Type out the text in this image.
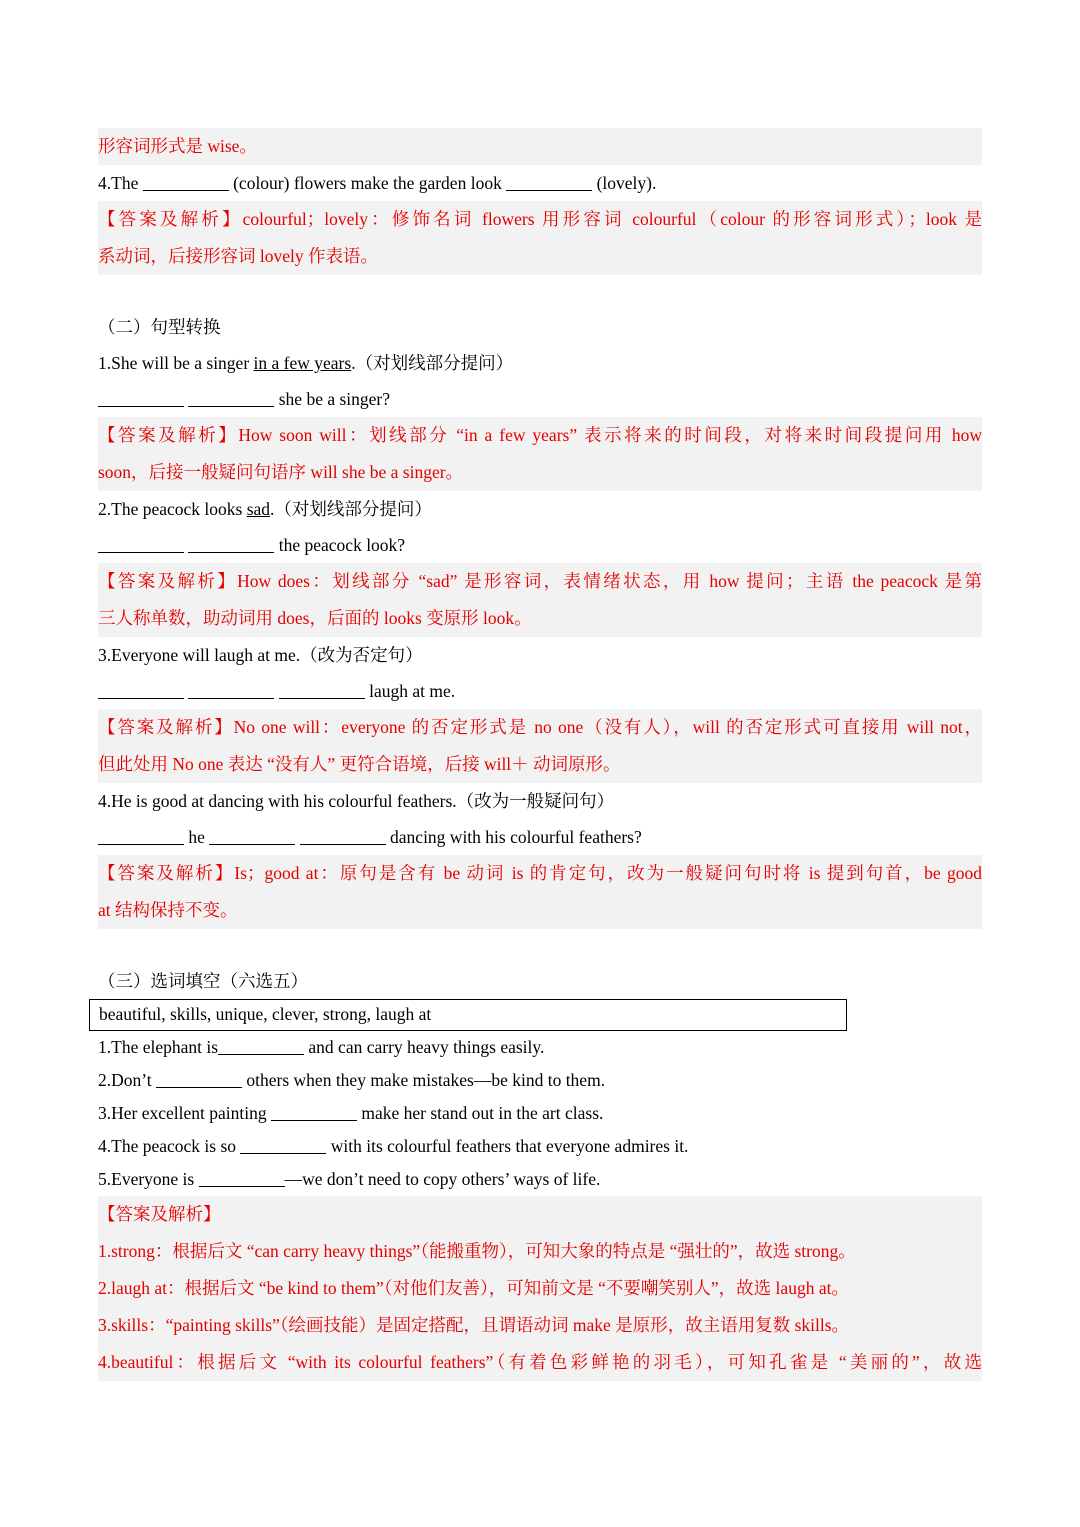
形容词形式是 wise。
4.The	(colour) flowers make the garden look	(lovely).
【答案及解析】colourful；lovely：修饰名词 flowers 用形容词 colourful（colour 的形容词形式）；look 是
系动词，后接形容词 lovely 作表语。
（二）句型转换
1.She will be a singer in a few years.（对划线部分提问）
she be a singer?
【答案及解析】How soon will：划线部分 “in a few years” 表示将来的时间段，对将来时间段提问用 how
soon，后接一般疑问句语序 will she be a singer。
2.The peacock looks sad.（对划线部分提问）
the peacock look?
【答案及解析】How does：划线部分 “sad” 是形容词，表情绪状态，用 how 提问；主语 the peacock 是第
三人称单数，助动词用 does，后面的 looks 变原形 look。
3.Everyone will laugh at me.（改为否定句）
laugh at me.
【答案及解析】No one will：everyone 的否定形式是 no one（没有人），will 的否定形式可直接用 will not，
但此处用 No one 表达 “没有人” 更符合语境，后接 will＋ 动词原形。
4.He is good at dancing with his colourful feathers.（改为一般疑问句）
he	dancing with his colourful feathers?
【答案及解析】Is；good at：原句是含有 be 动词 is 的肯定句，改为一般疑问句时将 is 提到句首，be good
at 结构保持不变。
（三）选词填空（六选五）
beautiful, skills, unique, clever, strong, laugh at
1.The elephant is	and can carry heavy things easily.
2.Don’t	others when they make mistakes—be kind to them.
3.Her excellent painting	make her stand out in the art class.
4.The peacock is so	with its colourful feathers that everyone admires it.
5.Everyone is	—we don’t need to copy others’ ways of life.
【答案及解析】
1.strong：根据后文 “can carry heavy things”（能搬重物），可知大象的特点是 “强壮的”，故选 strong。
2.laugh at：根据后文 “be kind to them”（对他们友善），可知前文是 “不要嘲笑别人”，故选 laugh at。
3.skills：“painting skills”（绘画技能）是固定搭配，且谓语动词 make 是原形，故主语用复数 skills。
4.beautiful：根据后文 “with its colourful feathers”（有着色彩鲜艳的羽毛），可知孔雀是 “美丽的”，故选
